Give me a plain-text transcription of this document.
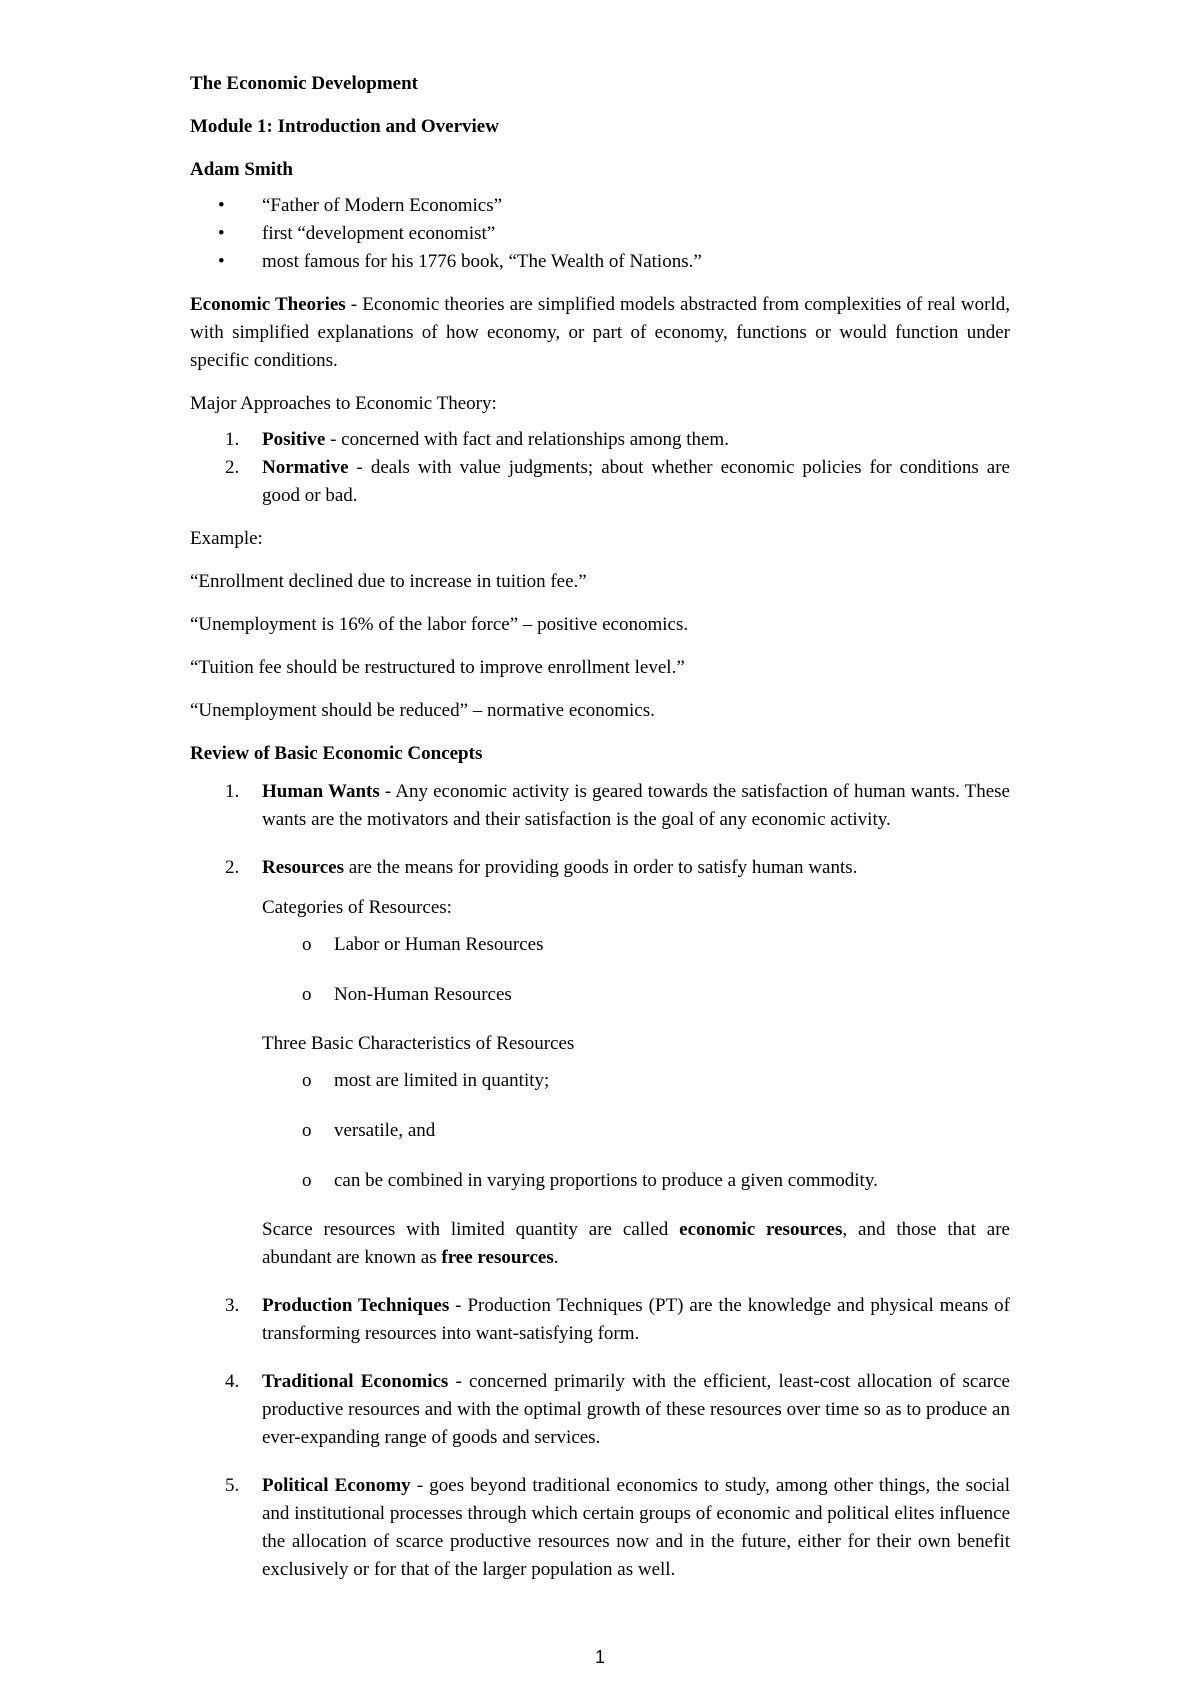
The Economic Development

Module 1: Introduction and Overview

Adam Smith

• “Father of Modern Economics”
• first “development economist”
• most famous for his 1776 book, “The Wealth of Nations.”

Economic Theories - Economic theories are simplified models abstracted from complexities of real world, with simplified explanations of how economy, or part of economy, functions or would function under specific conditions.

Major Approaches to Economic Theory:

1. Positive - concerned with fact and relationships among them.
2. Normative - deals with value judgments; about whether economic policies for conditions are good or bad.

Example:

“Enrollment declined due to increase in tuition fee.”

“Unemployment is 16% of the labor force” – positive economics.

“Tuition fee should be restructured to improve enrollment level.”

“Unemployment should be reduced” – normative economics.

Review of Basic Economic Concepts

1. Human Wants - Any economic activity is geared towards the satisfaction of human wants. These wants are the motivators and their satisfaction is the goal of any economic activity.
2. Resources are the means for providing goods in order to satisfy human wants.
Categories of Resources:
o Labor or Human Resources
o Non-Human Resources
Three Basic Characteristics of Resources
o most are limited in quantity;
o versatile, and
o can be combined in varying proportions to produce a given commodity.
Scarce resources with limited quantity are called economic resources, and those that are abundant are known as free resources.
3. Production Techniques - Production Techniques (PT) are the knowledge and physical means of transforming resources into want-satisfying form.
4. Traditional Economics - concerned primarily with the efficient, least-cost allocation of scarce productive resources and with the optimal growth of these resources over time so as to produce an ever-expanding range of goods and services.
5. Political Economy - goes beyond traditional economics to study, among other things, the social and institutional processes through which certain groups of economic and political elites influence the allocation of scarce productive resources now and in the future, either for their own benefit exclusively or for that of the larger population as well.
1
